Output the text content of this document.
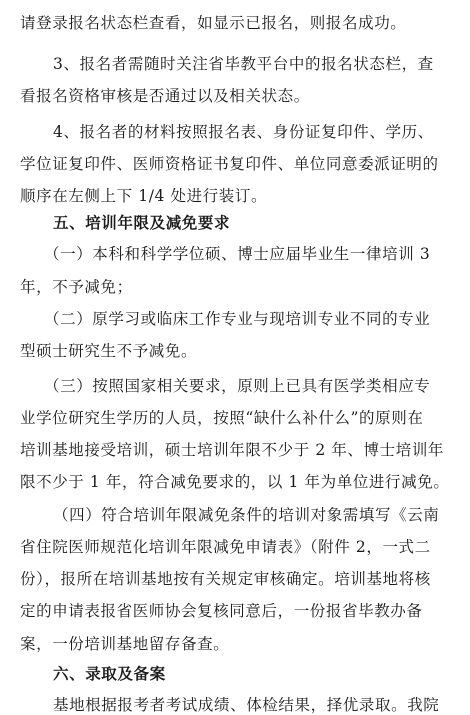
请登录报名状态栏查看，如显示已报名，则报名成功。
3、报名者需随时关注省毕教平台中的报名状态栏，查
看报名资格审核是否通过以及相关状态。
4、报名者的材料按照报名表、身份证复印件、学历、
学位证复印件、医师资格证书复印件、单位同意委派证明的
顺序在左侧上下 1/4 处进行装订。
五、培训年限及减免要求
（一）本科和科学学位硕、博士应届毕业生一律培训 3
年，不予减免；
（二）原学习或临床工作专业与现培训专业不同的专业
型硕士研究生不予减免。
（三）按照国家相关要求，原则上已具有医学类相应专
业学位研究生学历的人员，按照“缺什么补什么”的原则在
培训基地接受培训，硕士培训年限不少于 2 年、博士培训年
限不少于 1 年，符合减免要求的，以 1 年为单位进行减免。
（四）符合培训年限减免条件的培训对象需填写《云南
省住院医师规范化培训年限减免申请表》（附件 2，一式二
份），报所在培训基地按有关规定审核确定。培训基地将核
定的申请表报省医师协会复核同意后，一份报省毕教办备
案，一份培训基地留存备查。
六、录取及备案
基地根据报考者考试成绩、体检结果，择优录取。我院
